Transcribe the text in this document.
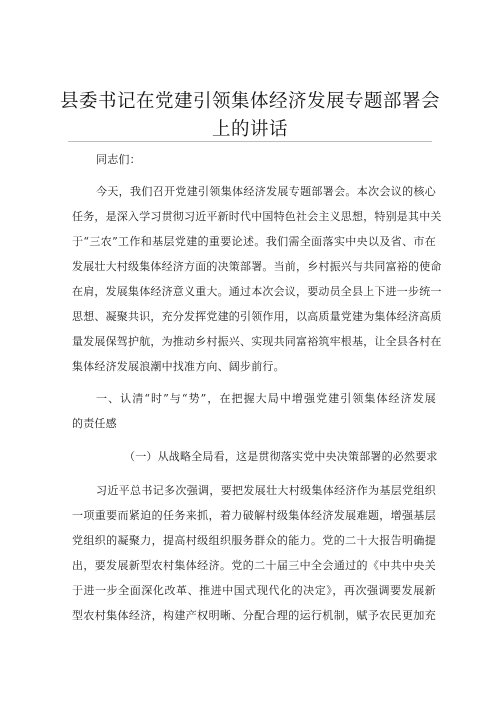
县委书记在党建引领集体经济发展专题部署会
上的讲话
同志们：
今天，我们召开党建引领集体经济发展专题部署会。本次会议的核心
任务，是深入学习贯彻习近平新时代中国特色社会主义思想，特别是其中关
于“三农”工作和基层党建的重要论述。我们需全面落实中央以及省、市在
发展壮大村级集体经济方面的决策部署。当前，乡村振兴与共同富裕的使命
在肩，发展集体经济意义重大。通过本次会议，要动员全县上下进一步统一
思想、凝聚共识，充分发挥党建的引领作用，以高质量党建为集体经济高质
量发展保驾护航，为推动乡村振兴、实现共同富裕筑牢根基，让全县各村在
集体经济发展浪潮中找准方向、阔步前行。
一、认清“时”与“势”，在把握大局中增强党建引领集体经济发展
的责任感
（一）从战略全局看，这是贯彻落实党中央决策部署的必然要求
习近平总书记多次强调，要把发展壮大村级集体经济作为基层党组织
一项重要而紧迫的任务来抓，着力破解村级集体经济发展难题，增强基层
党组织的凝聚力，提高村级组织服务群众的能力。党的二十大报告明确提
出，要发展新型农村集体经济。党的二十届三中全会通过的《中共中央关
于进一步全面深化改革、推进中国式现代化的决定》，再次强调要发展新
型农村集体经济，构建产权明晰、分配合理的运行机制，赋予农民更加充
